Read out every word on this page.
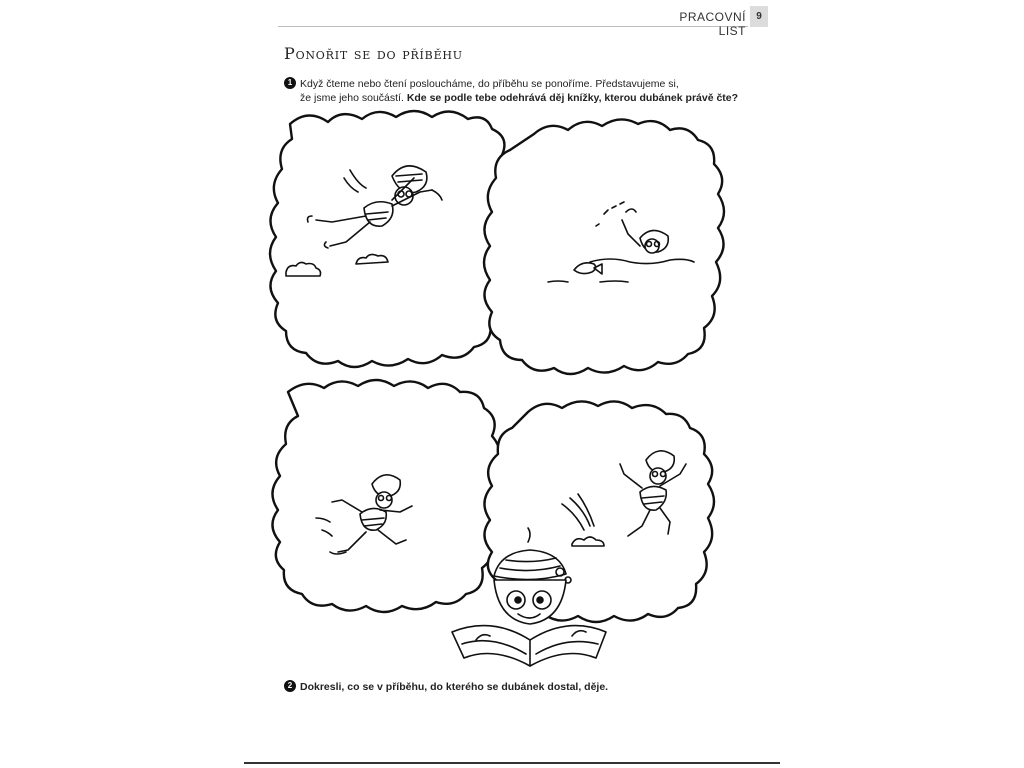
PRACOVNÍ LIST
9
Ponořit se do příběhu
1 Když čteme nebo čtení posloucháme, do příběhu se ponoříme. Představujeme si,
že jsme jeho součástí. Kde se podle tebe odehrává děj knížky, kterou dubánek právě čte?
2 Dokresli, co se v příběhu, do kterého se dubánek dostal, děje.
